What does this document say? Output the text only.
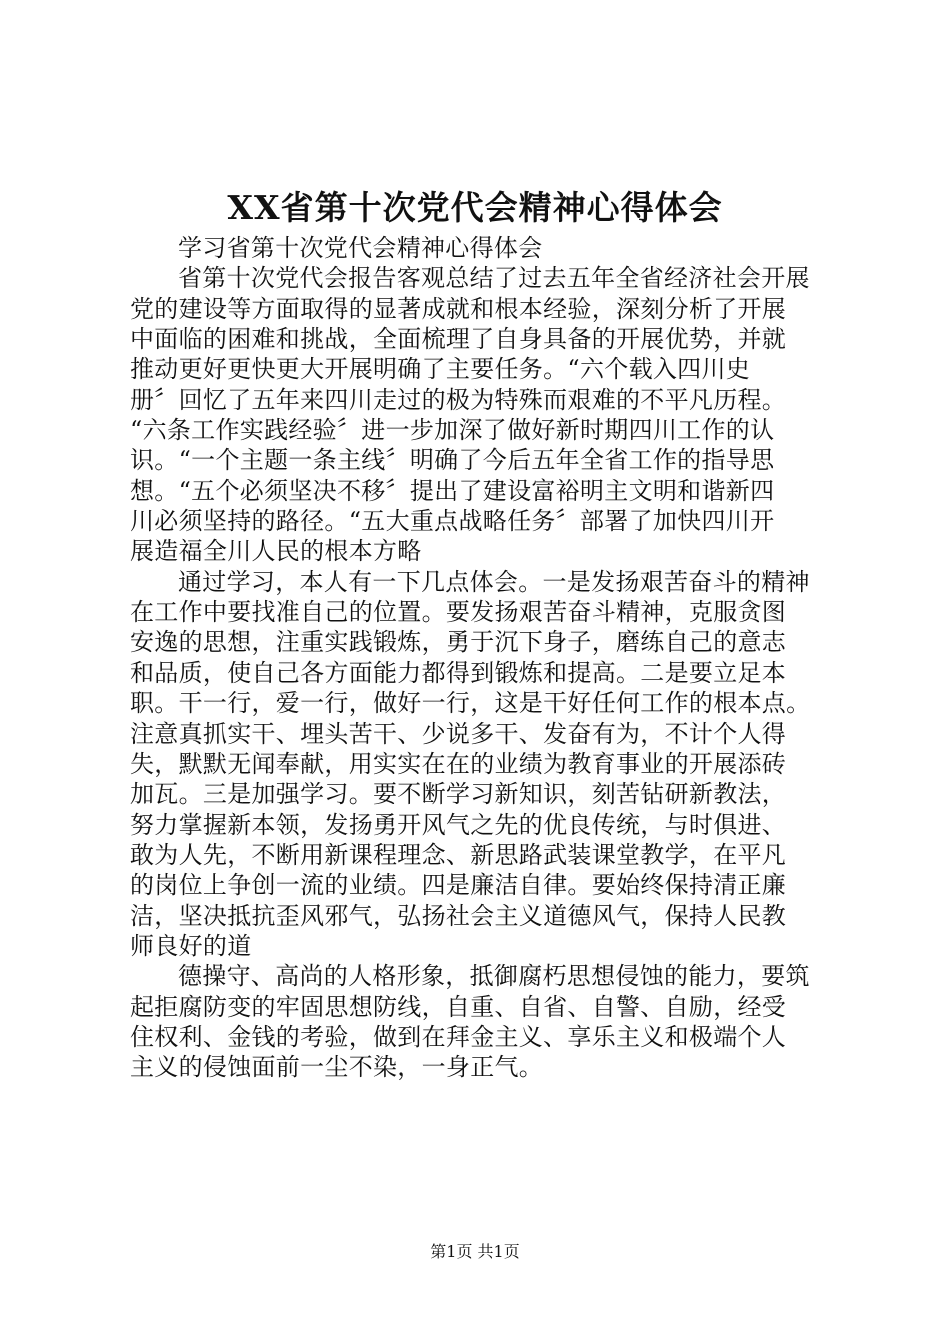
XX省第十次党代会精神心得体会
学习省第十次党代会精神心得体会
省第十次党代会报告客观总结了过去五年全省经济社会开展
党的建设等方面取得的显著成就和根本经验，深刻分析了开展
中面临的困难和挑战，全面梳理了自身具备的开展优势，并就
推动更好更快更大开展明确了主要任务。“六个载入四川史
册〞回忆了五年来四川走过的极为特殊而艰难的不平凡历程。
“六条工作实践经验〞进一步加深了做好新时期四川工作的认
识。“一个主题一条主线〞明确了今后五年全省工作的指导思
想。“五个必须坚决不移〞提出了建设富裕明主文明和谐新四
川必须坚持的路径。“五大重点战略任务〞部署了加快四川开
展造福全川人民的根本方略
通过学习，本人有一下几点体会。一是发扬艰苦奋斗的精神
在工作中要找准自己的位置。要发扬艰苦奋斗精神，克服贪图
安逸的思想，注重实践锻炼，勇于沉下身子，磨练自己的意志
和品质，使自己各方面能力都得到锻炼和提高。二是要立足本
职。干一行，爱一行，做好一行，这是干好任何工作的根本点。
注意真抓实干、埋头苦干、少说多干、发奋有为，不计个人得
失，默默无闻奉献，用实实在在的业绩为教育事业的开展添砖
加瓦。三是加强学习。要不断学习新知识，刻苦钻研新教法，
努力掌握新本领，发扬勇开风气之先的优良传统，与时俱进、
敢为人先，不断用新课程理念、新思路武装课堂教学，在平凡
的岗位上争创一流的业绩。四是廉洁自律。要始终保持清正廉
洁，坚决抵抗歪风邪气，弘扬社会主义道德风气，保持人民教
师良好的道
德操守、高尚的人格形象，抵御腐朽思想侵蚀的能力，要筑
起拒腐防变的牢固思想防线，自重、自省、自警、自励，经受
住权利、金钱的考验，做到在拜金主义、享乐主义和极端个人
主义的侵蚀面前一尘不染，一身正气。
第1页 共1页
